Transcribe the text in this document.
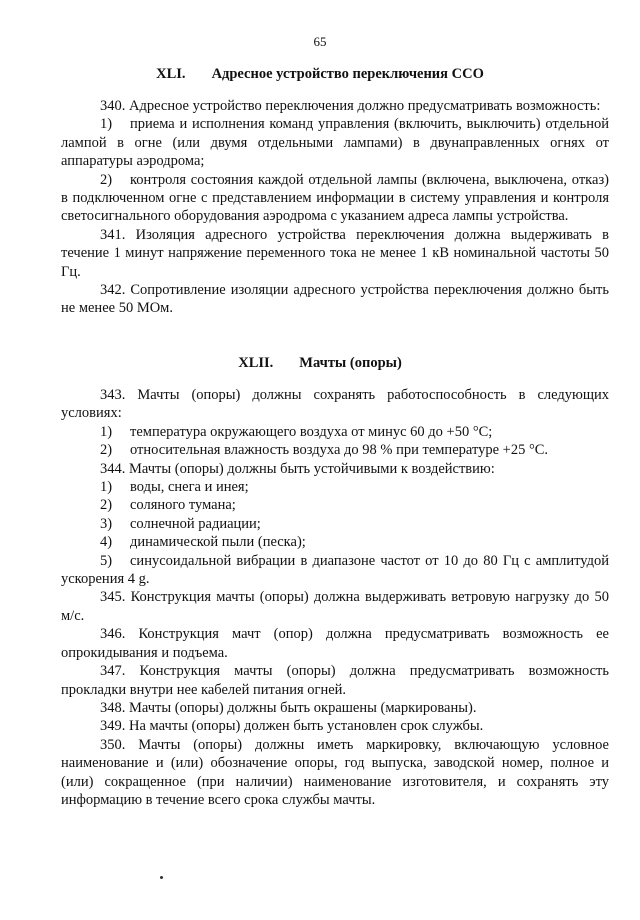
65
XLI. Адресное устройство переключения ССО

340. Адресное устройство переключения должно предусматривать возможность:

1) приема и исполнения команд управления (включить, выключить) отдельной лампой в огне (или двумя отдельными лампами) в двунаправленных огнях от аппаратуры аэродрома;

2) контроля состояния каждой отдельной лампы (включена, выключена, отказ) в подключенном огне с представлением информации в систему управления и контроля светосигнального оборудования аэродрома с указанием адреса лампы устройства.

341. Изоляция адресного устройства переключения должна выдерживать в течение 1 минут напряжение переменного тока не менее 1 кВ номинальной частоты 50 Гц.

342. Сопротивление изоляции адресного устройства переключения должно быть не менее 50 МОм.

XLII. Мачты (опоры)

343. Мачты (опоры) должны сохранять работоспособность в следующих условиях:

1) температура окружающего воздуха от минус 60 до +50 °С;

2) относительная влажность воздуха до 98 % при температуре +25 °С.

344. Мачты (опоры) должны быть устойчивыми к воздействию:

1) воды, снега и инея;

2) соляного тумана;

3) солнечной радиации;

4) динамической пыли (песка);

5) синусоидальной вибрации в диапазоне частот от 10 до 80 Гц с амплитудой ускорения 4 g.

345. Конструкция мачты (опоры) должна выдерживать ветровую нагрузку до 50 м/с.

346. Конструкция мачт (опор) должна предусматривать возможность ее опрокидывания и подъема.

347. Конструкция мачты (опоры) должна предусматривать возможность прокладки внутри нее кабелей питания огней.

348. Мачты (опоры) должны быть окрашены (маркированы).

349. На мачты (опоры) должен быть установлен срок службы.

350. Мачты (опоры) должны иметь маркировку, включающую условное наименование и (или) обозначение опоры, год выпуска, заводской номер, полное и (или) сокращенное (при наличии) наименование изготовителя, и сохранять эту информацию в течение всего срока службы мачты.
